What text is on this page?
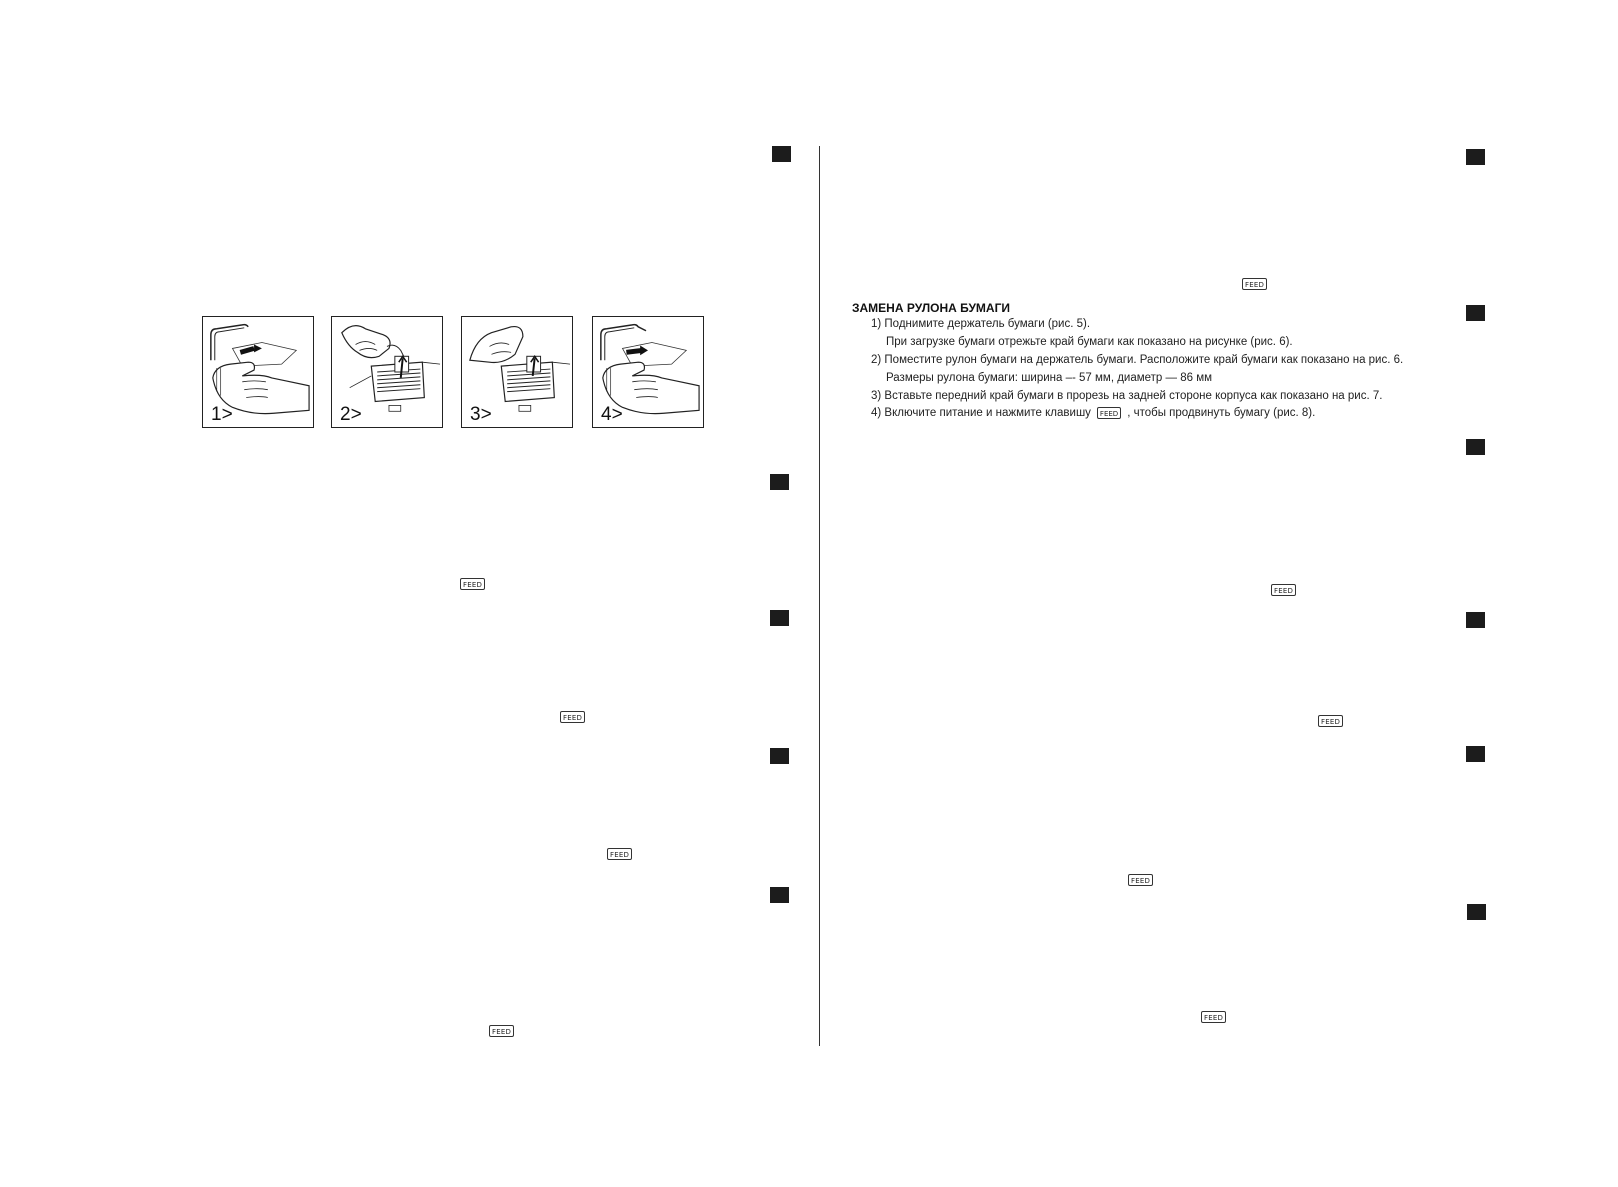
1>	2>	3>	4>
FEED
FEED
FEED
FEED
FEED
FEED
FEED
FEED
FEED
ЗАМЕНА РУЛОНА БУМАГИ
1) Поднимите держатель бумаги (рис. 5).
При загрузке бумаги отрежьте край бумаги как показано на рисунке (рис. 6).
2) Поместите рулон бумаги на держатель бумаги. Расположите край бумаги как показано на рис. 6.
Размеры рулона бумаги: ширина –- 57 мм, диаметр — 86 мм
3) Вставьте передний край бумаги в прорезь на задней стороне корпуса как показано на рис. 7.
4) Включите питание и нажмите клавишу FEED , чтобы продвинуть бумагу (рис. 8).
